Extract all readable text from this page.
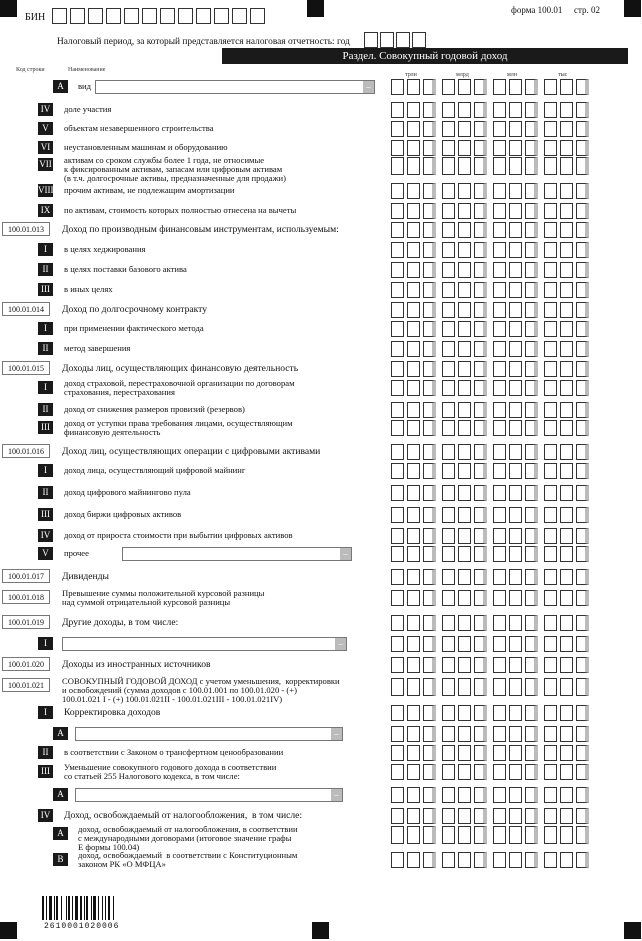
БИН
форма 100.01 стр. 02
Налоговый период, за который представляется налоговая отчетность: год
Раздел. Совокупный годовой доход
Код строки	Наименование
трлн	млрд	млн	тыс
A	вид	–
IV	доле участия
V	объектам незавершенного строительства
VI	неустановленным машинам и оборудованию
VII активам со сроком службы более 1 года, не относимые
к фиксированным активам, запасам или цифровым активам
(в т.ч. долгосрочные активы, предназначенные для продажи)
VIII прочим активам, не подлежащим амортизации
IX	по активам, стоимость которых полностью отнесена на вычеты
100.01.013	Доход по производным финансовым инструментам, используемым:
I	в целях хеджирования
II	в целях поставки базового актива
III	в иных целях
100.01.014	Доход по долгосрочному контракту
I	при применении фактического метода
II	метод завершения
100.01.015	Доходы лиц, осуществляющих финансовую деятельность
I	доход страховой, перестраховочной организации по договорам
страхования, перестрахования
II	доход от снижения размеров провизий (резервов)
III	доход от уступки права требования лицами, осуществляющим
финансовую деятельность
100.01.016	Доход лиц, осуществляющих операции с цифровыми активами
I	доход лица, осуществляющий цифровой майнинг
II	доход цифрового майнингово пула
III	доход биржи цифровых активов
IV	доход от прироста стоимости при выбытии цифровых активов
V	прочее	–
100.01.017	Дивиденды
100.01.018	Превышение суммы положительной курсовой разницы
над суммой отрицательной курсовой разницы
100.01.019	Другие доходы, в том числе:
I	–
100.01.020	Доходы из иностранных источников
100.01.021	СОВОКУПНЫЙ ГОДОВОЙ ДОХОД с учетом уменьшения,  корректировки
и освобождений (сумма доходов с 100.01.001 по 100.01.020 - (+)
100.01.021 I - (+) 100.01.021II - 100.01.021III - 100.01.021IV)
I	Корректировка доходов
A	–
II	в соответствии с Законом о трансфертном ценообразовании
III	Уменьшение совокупного годового дохода в соответствии
со статьей 255 Налогового кодекса, в том числе:
A	–
IV Доход, освобождаемый от налогообложения,  в том числе:
A	доход, освобождаемый от налогообложения, в соответствии
с международными договорами (итоговое значение графы
Е формы 100.04)
B	доход, освобождаемый  в соответствии с Конституционным
законом РК «О МФЦА»
2610001020006
